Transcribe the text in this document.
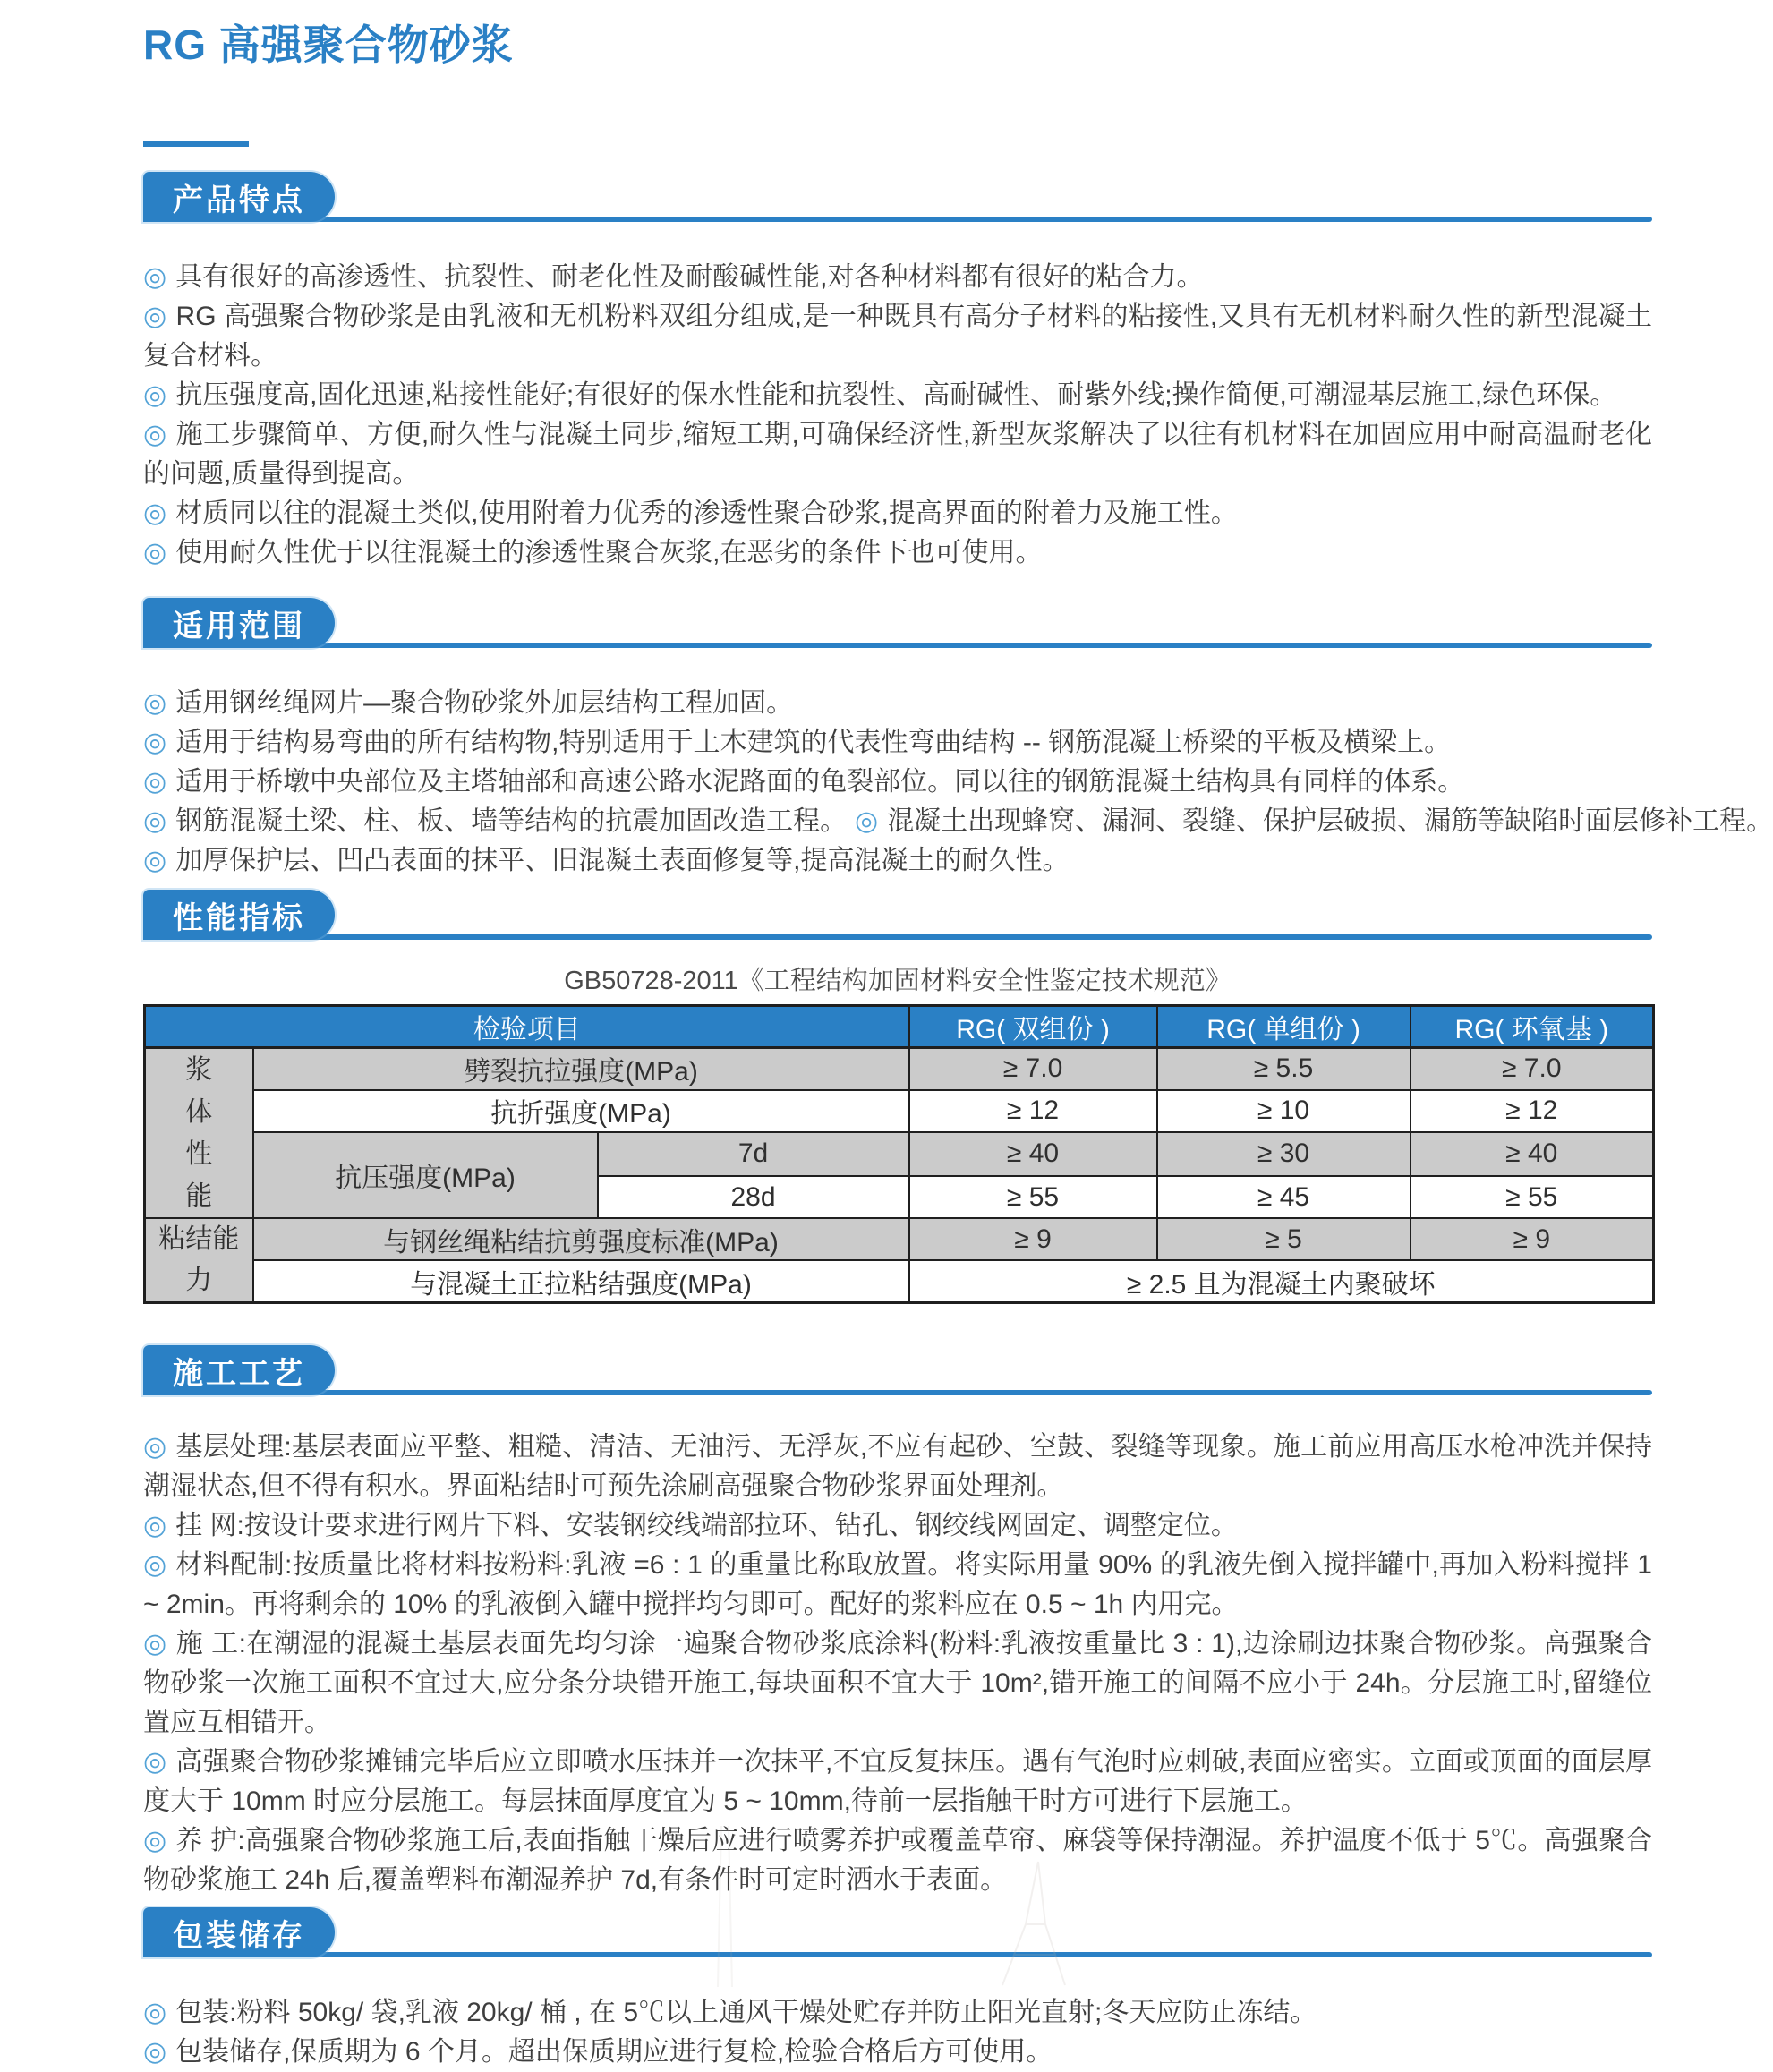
RG 高强聚合物砂浆
产品特点

◎ 具有很好的高渗透性、抗裂性、耐老化性及耐酸碱性能,对各种材料都有很好的粘合力。

◎ RG 高强聚合物砂浆是由乳液和无机粉料双组分组成,是一种既具有高分子材料的粘接性,又具有无机材料耐久性的新型混凝土复合材料。

◎ 抗压强度高,固化迅速,粘接性能好;有很好的保水性能和抗裂性、高耐碱性、耐紫外线;操作简便,可潮湿基层施工,绿色环保。

◎ 施工步骤简单、方便,耐久性与混凝土同步,缩短工期,可确保经济性,新型灰浆解决了以往有机材料在加固应用中耐高温耐老化的问题,质量得到提高。

◎ 材质同以往的混凝土类似,使用附着力优秀的渗透性聚合砂浆,提高界面的附着力及施工性。

◎ 使用耐久性优于以往混凝土的渗透性聚合灰浆,在恶劣的条件下也可使用。

适用范围

◎ 适用钢丝绳网片—聚合物砂浆外加层结构工程加固。

◎ 适用于结构易弯曲的所有结构物,特别适用于土木建筑的代表性弯曲结构 -- 钢筋混凝土桥梁的平板及横梁上。

◎ 适用于桥墩中央部位及主塔轴部和高速公路水泥路面的龟裂部位。同以往的钢筋混凝土结构具有同样的体系。

◎ 钢筋混凝土梁、柱、板、墙等结构的抗震加固改造工程。 ◎ 混凝土出现蜂窝、漏洞、裂缝、保护层破损、漏筋等缺陷时面层修补工程。

◎ 加厚保护层、凹凸表面的抹平、旧混凝土表面修复等,提高混凝土的耐久性。

性能指标
GB50728-2011《工程结构加固材料安全性鉴定技术规范》
检验项目			RG( 双组份 )	RG( 单组份 )	RG( 环氧基 )

浆体性能	劈裂抗拉强度(MPa)		≥ 7.0	≥ 5.5	≥ 7.0
	抗折强度(MPa)		≥ 12	≥ 10	≥ 12
	抗压强度(MPa)	7d	≥ 40	≥ 30	≥ 40
		28d	≥ 55	≥ 45	≥ 55

粘结能力	与钢丝绳粘结抗剪强度标准(MPa)		≥ 9	≥ 5	≥ 9
	与混凝土正拉粘结强度(MPa)		≥ 2.5 且为混凝土内聚破坏		
施工工艺

◎ 基层处理:基层表面应平整、粗糙、清洁、无油污、无浮灰,不应有起砂、空鼓、裂缝等现象。施工前应用高压水枪冲洗并保持潮湿状态,但不得有积水。界面粘结时可预先涂刷高强聚合物砂浆界面处理剂。

◎ 挂 网:按设计要求进行网片下料、安装钢绞线端部拉环、钻孔、钢绞线网固定、调整定位。

◎ 材料配制:按质量比将材料按粉料:乳液 =6 : 1 的重量比称取放置。将实际用量 90% 的乳液先倒入搅拌罐中,再加入粉料搅拌 1 ~ 2min。再将剩余的 10% 的乳液倒入罐中搅拌均匀即可。配好的浆料应在 0.5 ~ 1h 内用完。

◎ 施 工:在潮湿的混凝土基层表面先均匀涂一遍聚合物砂浆底涂料(粉料:乳液按重量比 3 : 1),边涂刷边抹聚合物砂浆。高强聚合物砂浆一次施工面积不宜过大,应分条分块错开施工,每块面积不宜大于 10m²,错开施工的间隔不应小于 24h。分层施工时,留缝位置应互相错开。

◎ 高强聚合物砂浆摊铺完毕后应立即喷水压抹并一次抹平,不宜反复抹压。遇有气泡时应刺破,表面应密实。立面或顶面的面层厚度大于 10mm 时应分层施工。每层抹面厚度宜为 5 ~ 10mm,待前一层指触干时方可进行下层施工。

◎ 养 护:高强聚合物砂浆施工后,表面指触干燥后应进行喷雾养护或覆盖草帘、麻袋等保持潮湿。养护温度不低于 5℃。高强聚合物砂浆施工 24h 后,覆盖塑料布潮湿养护 7d,有条件时可定时洒水于表面。

包装储存

◎ 包装:粉料 50kg/ 袋,乳液 20kg/ 桶 , 在 5℃以上通风干燥处贮存并防止阳光直射;冬天应防止冻结。

◎ 包装储存,保质期为 6 个月。超出保质期应进行复检,检验合格后方可使用。
